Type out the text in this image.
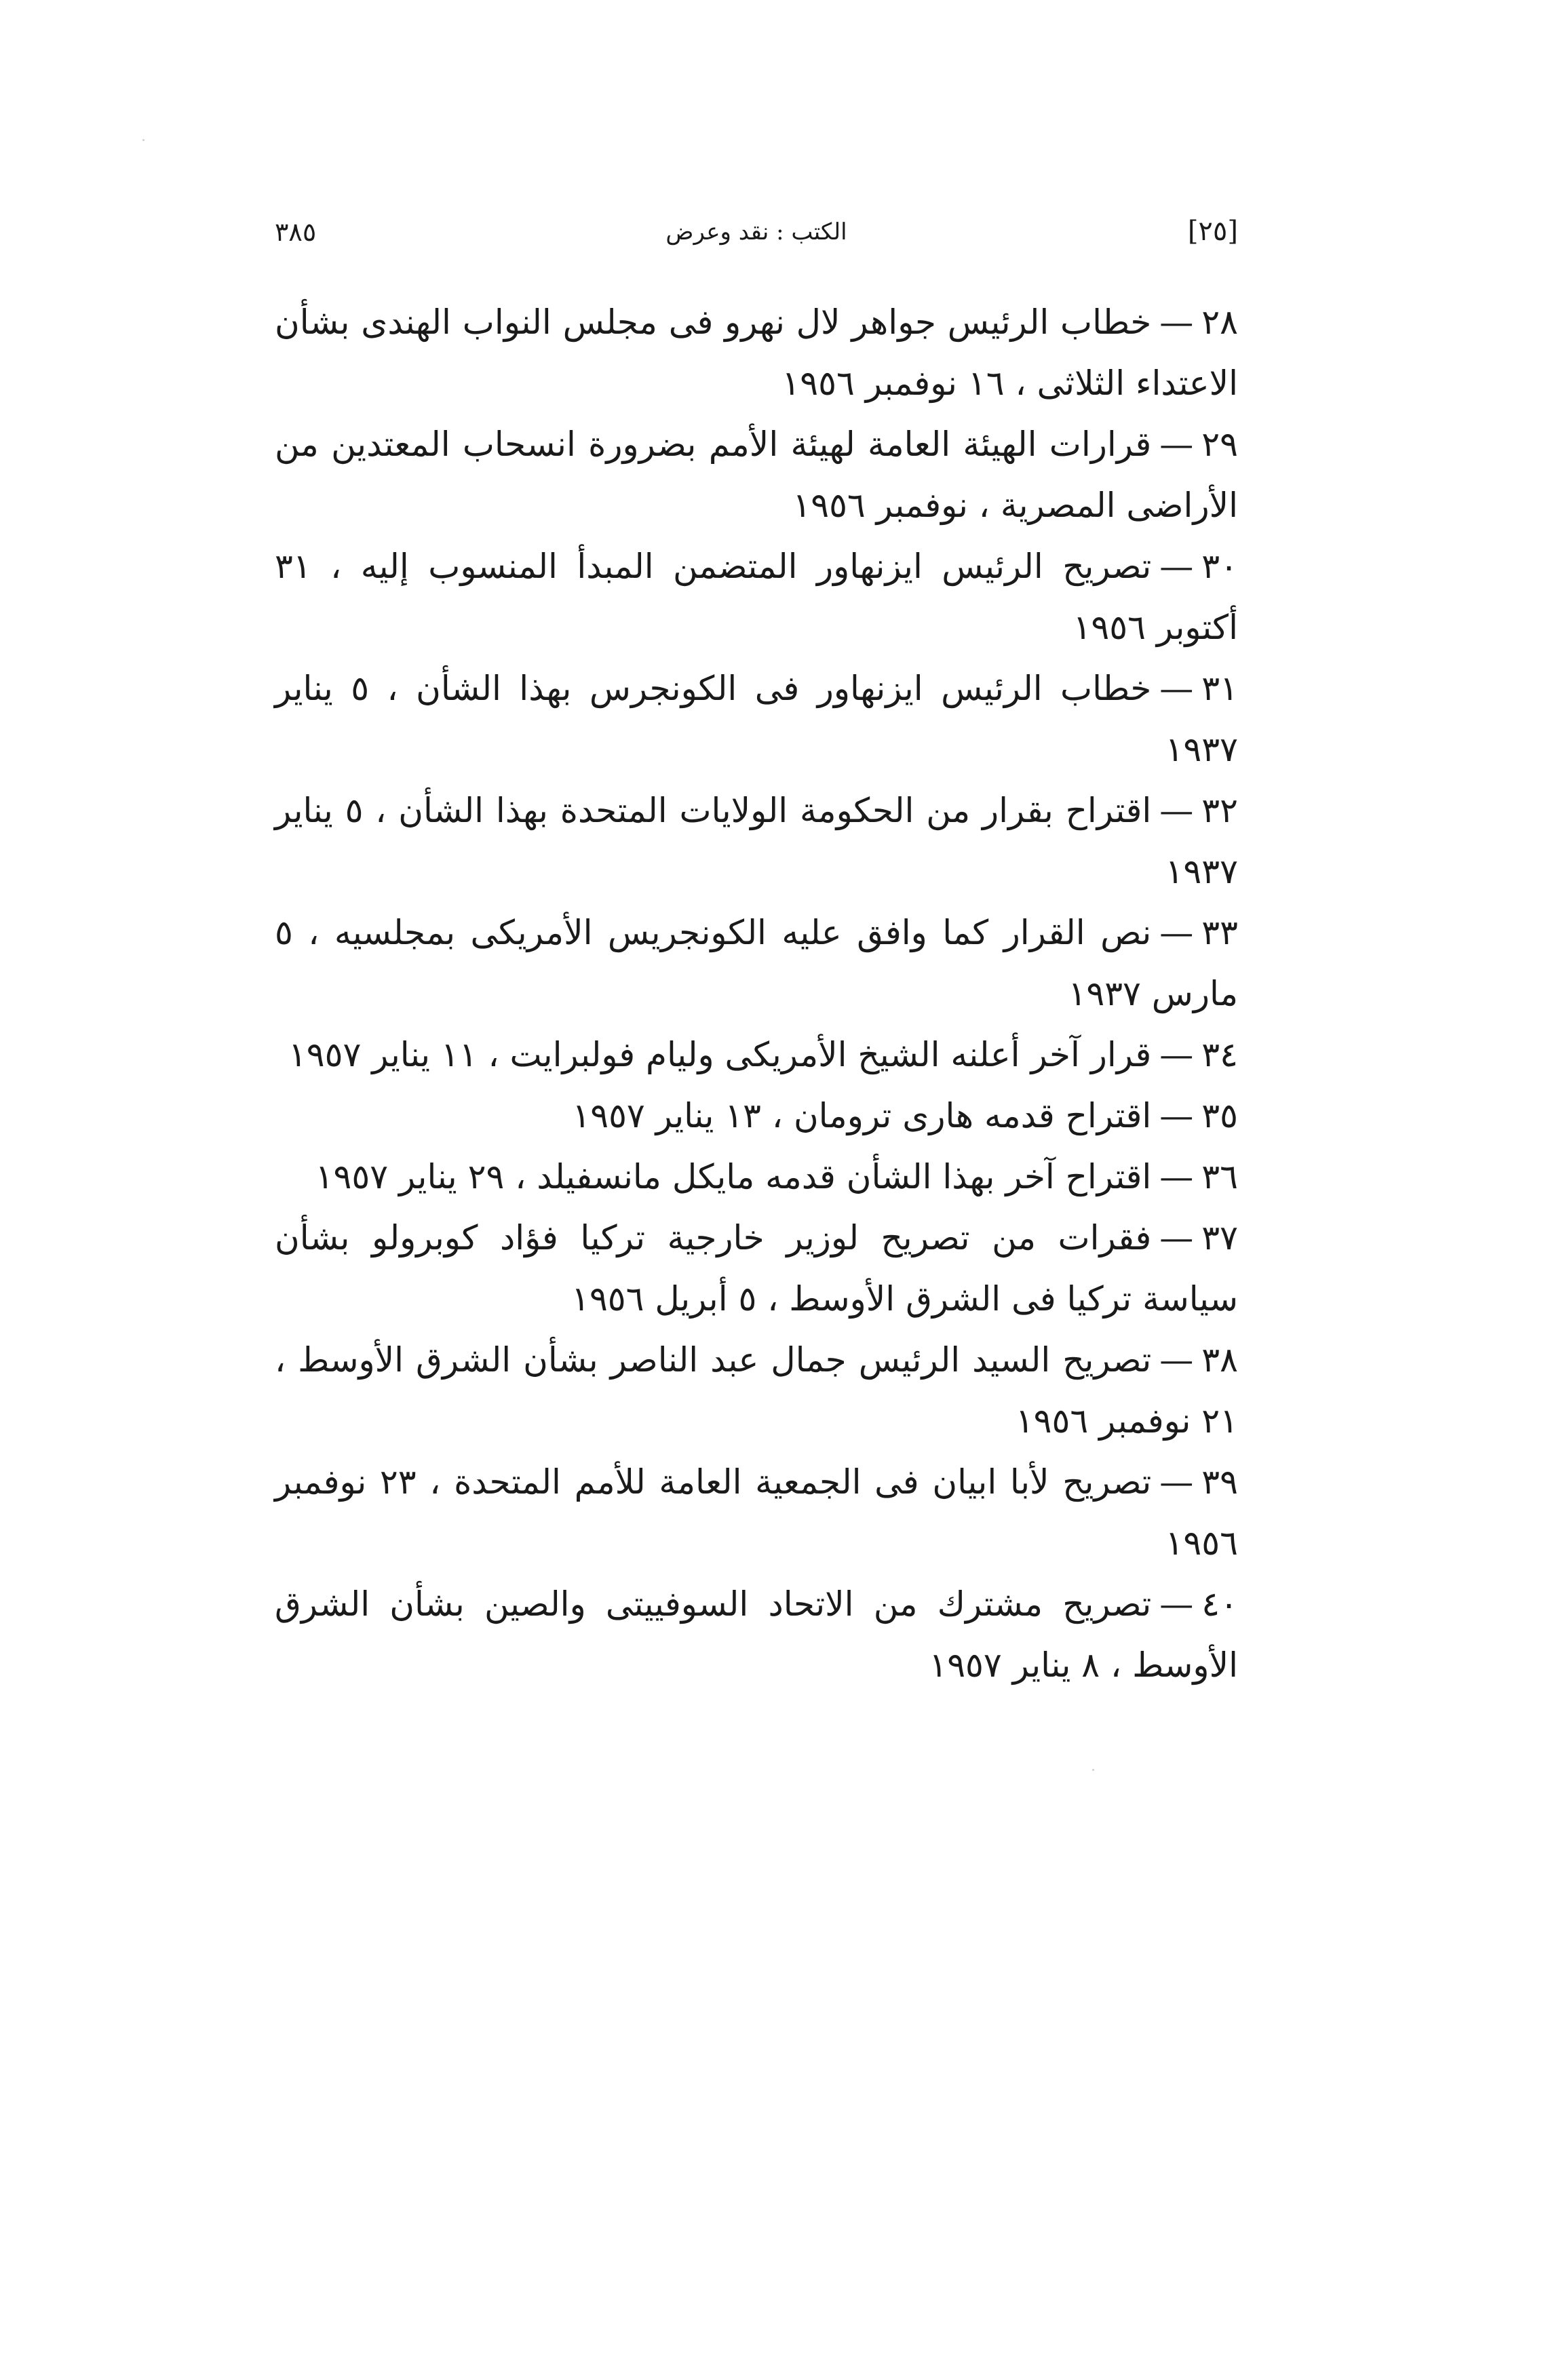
[٢٥]
الكتب : نقد وعرض
٣٨٥

٢٨—خطاب الرئيس جواهر لال نهرو فى مجلس النواب الهندى بشأن الاعتداء الثلاثى ، ١٦ نوفمبر ١٩٥٦

٢٩—قرارات الهيئة العامة لهيئة الأمم بضرورة انسحاب المعتدين من الأراضى المصرية ، نوفمبر ١٩٥٦

٣٠—تصريح الرئيس ايزنهاور المتضمن المبدأ المنسوب إليه ، ٣١ أكتوبر ١٩٥٦

٣١—خطاب الرئيس ايزنهاور فى الكونجرس بهذا الشأن ، ٥ يناير ١٩٣٧

٣٢—اقتراح بقرار من الحكومة الولايات المتحدة بهذا الشأن ، ٥ يناير ١٩٣٧

٣٣—نص القرار كما وافق عليه الكونجريس الأمريكى بمجلسيه ، ٥ مارس ١٩٣٧

٣٤—قرار آخر أعلنه الشيخ الأمريكى وليام فولبرايت ، ١١ يناير ١٩٥٧

٣٥—اقتراح قدمه هارى ترومان ، ١٣ يناير ١٩٥٧

٣٦—اقتراح آخر بهذا الشأن قدمه مايكل مانسفيلد ، ٢٩ يناير ١٩٥٧

٣٧—فقرات من تصريح لوزير خارجية تركيا فؤاد كوبرولو بشأن سياسة تركيا فى الشرق الأوسط ، ٥ أبريل ١٩٥٦

٣٨—تصريح السيد الرئيس جمال عبد الناصر بشأن الشرق الأوسط ، ٢١ نوفمبر ١٩٥٦

٣٩—تصريح لأبا ابيان فى الجمعية العامة للأمم المتحدة ، ٢٣ نوفمبر ١٩٥٦

٤٠—تصريح مشترك من الاتحاد السوفييتى والصين بشأن الشرق الأوسط ، ٨ يناير ١٩٥٧
